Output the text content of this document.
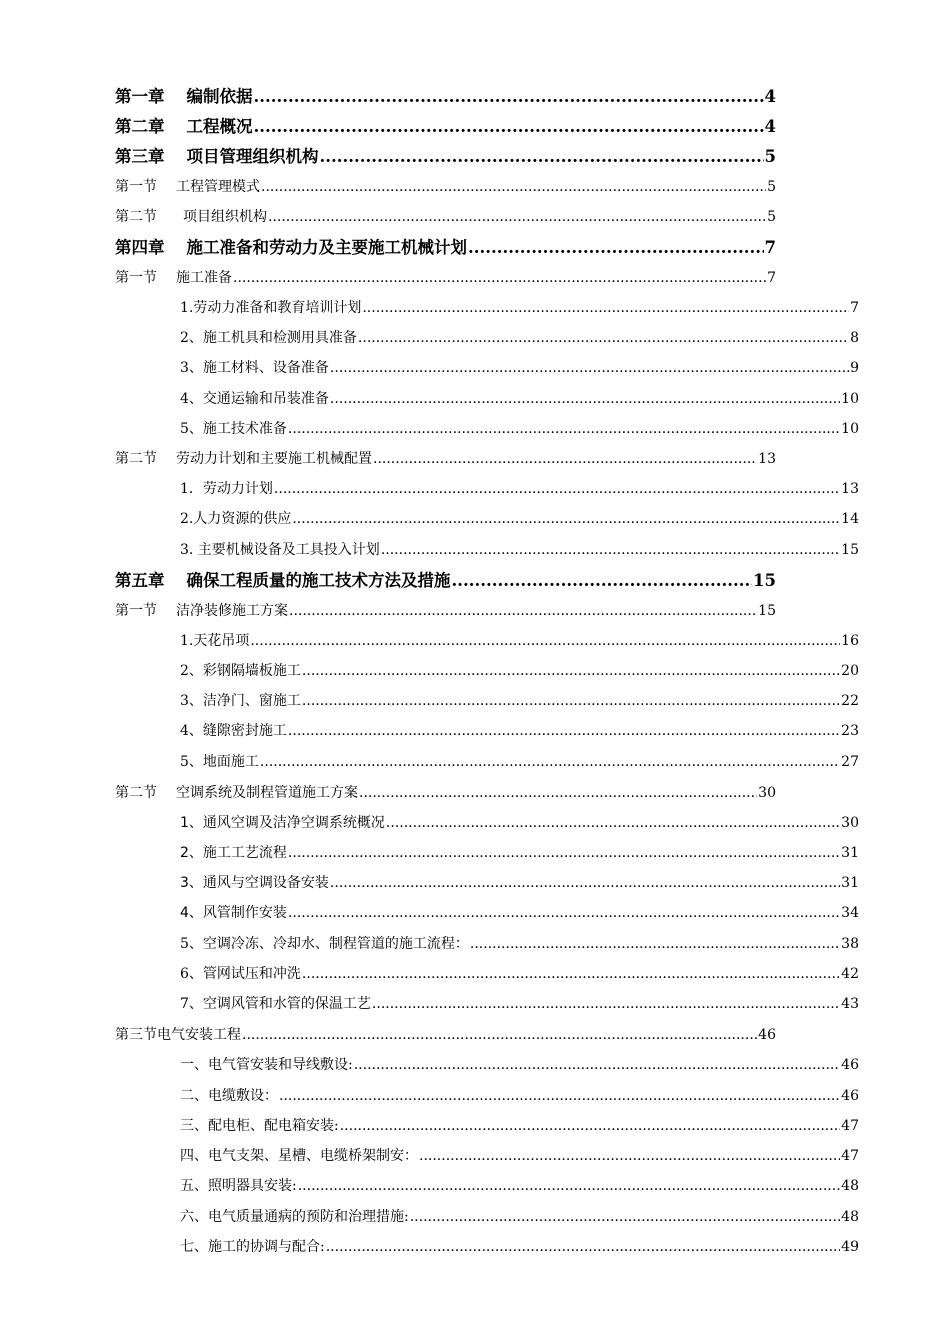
第一章 编制依据 .....	4
第二章 工程概况 .....	4
第三章 项目管理组织机构 .....	5
第一节 工程管理模式 .....	5
第二节 项目组织机构 .....	5
第四章 施工准备和劳动力及主要施工机械计划 .....	7
第一节 施工准备 .....	7
1.劳动力准备和教育培训计划 .....	7
2、施工机具和检测用具准备 .....	8
3、施工材料、设备准备 .....	9
4、交通运输和吊装准备 .....	10
5、施工技术准备 .....	10
第二节 劳动力计划和主要施工机械配置 .....	13
1．劳动力计划 .....	13
2.人力资源的供应 .....	14
3. 主要机械设备及工具投入计划 .....	15
第五章 确保工程质量的施工技术方法及措施 .....	15
第一节 洁净装修施工方案 .....	15
1.天花吊项 .....	16
2、彩钢隔墙板施工 .....	20
3、洁净门、窗施工 .....	22
4、缝隙密封施工 .....	23
5、地面施工 .....	27
第二节 空调系统及制程管道施工方案 .....	30
1、通风空调及洁净空调系统概况 .....	30
2、施工工艺流程 .....	31
3、通风与空调设备安装 .....	31
4、风管制作安装 .....	34
5、空调冷冻、冷却水、制程管道的施工流程： .....	38
6、管网试压和冲洗 .....	42
7、空调风管和水管的保温工艺 .....	43
第三节电气安装工程 .....	46
一、电气管安装和导线敷设: .....	46
二、电缆敷设： .....	46
三、配电柜、配电箱安装: .....	47
四、电气支架、星槽、电缆桥架制安： .....	47
五、照明器具安装: .....	48
六、电气质量通病的预防和治理措施: .....	48
七、施工的协调与配合: .....	49
